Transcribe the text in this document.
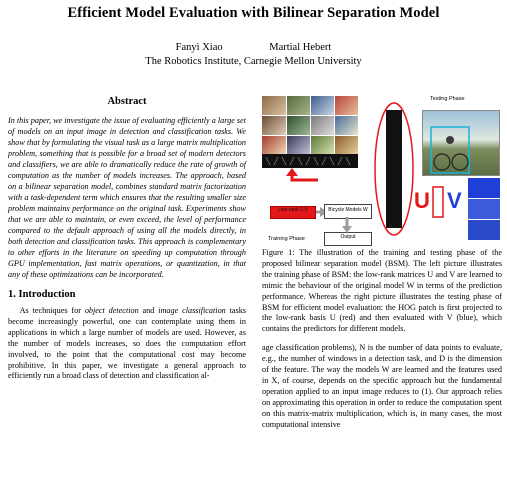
Efficient Model Evaluation with Bilinear Separation Model
Fanyi Xiao	Martial Hebert
The Robotics Institute, Carnegie Mellon University
Abstract

In this paper, we investigate the issue of evaluating efficiently a large set of models on an input image in detection and classification tasks. We show that by formulating the visual task as a large matrix multiplication problem, something that is possible for a broad set of modern detectors and classifiers, we are able to dramatically reduce the rate of growth of computation as the number of models increases. The approach, based on a bilinear separation model, combines standard matrix factorization with a task-dependent term which ensures that the resulting smaller size problem maintains performance on the original task. Experiments show that we are able to maintain, or even exceed, the level of performance compared to the default approach of using all the models directly, in both detection and classification tasks. This approach is complementary to other efforts in the literature on speeding up computation through GPU implementation, fast matrix operations, or quantization, in that any of these optimizations can be incorporated.

1. Introduction

As techniques for object detection and image classification tasks become increasingly powerful, one can contemplate using them in applications in which a large number of models are used. However, as the number of models increases, so does the computation effort involved, to the point that the computational cost may become prohibitive. In this paper, we investigate a general approach to efficiently run a broad class of detection and classification al-

Low-rank U,V	Bicycle Models W
Output
Training Phase
Testing Phase
U V
Figure 1: The illustration of the training and testing phase of the proposed bilinear separation model (BSM). The left picture illustrates the training phase of BSM: the low-rank matrices U and V are learned to mimic the behaviour of the original model W in terms of the prediction performance. Whereas the right picture illustrates the testing phase of BSM for efficient model evaluation: the HOG patch is first projected to the low-rank basis U (red) and then evaluated with V (blue), which contains the predictors for different models.
age classification problems), N is the number of data points to evaluate, e.g., the number of windows in a detection task, and D is the dimension of the feature. The way the models W are learned and the features used in X, of course, depends on the specific approach but the fundamental operation applied to an input image reduces to (1). Our approach relies on approximating this operation in order to reduce the computation spent on this matrix-matrix multiplication, which is, in many cases, the most computational intensive
